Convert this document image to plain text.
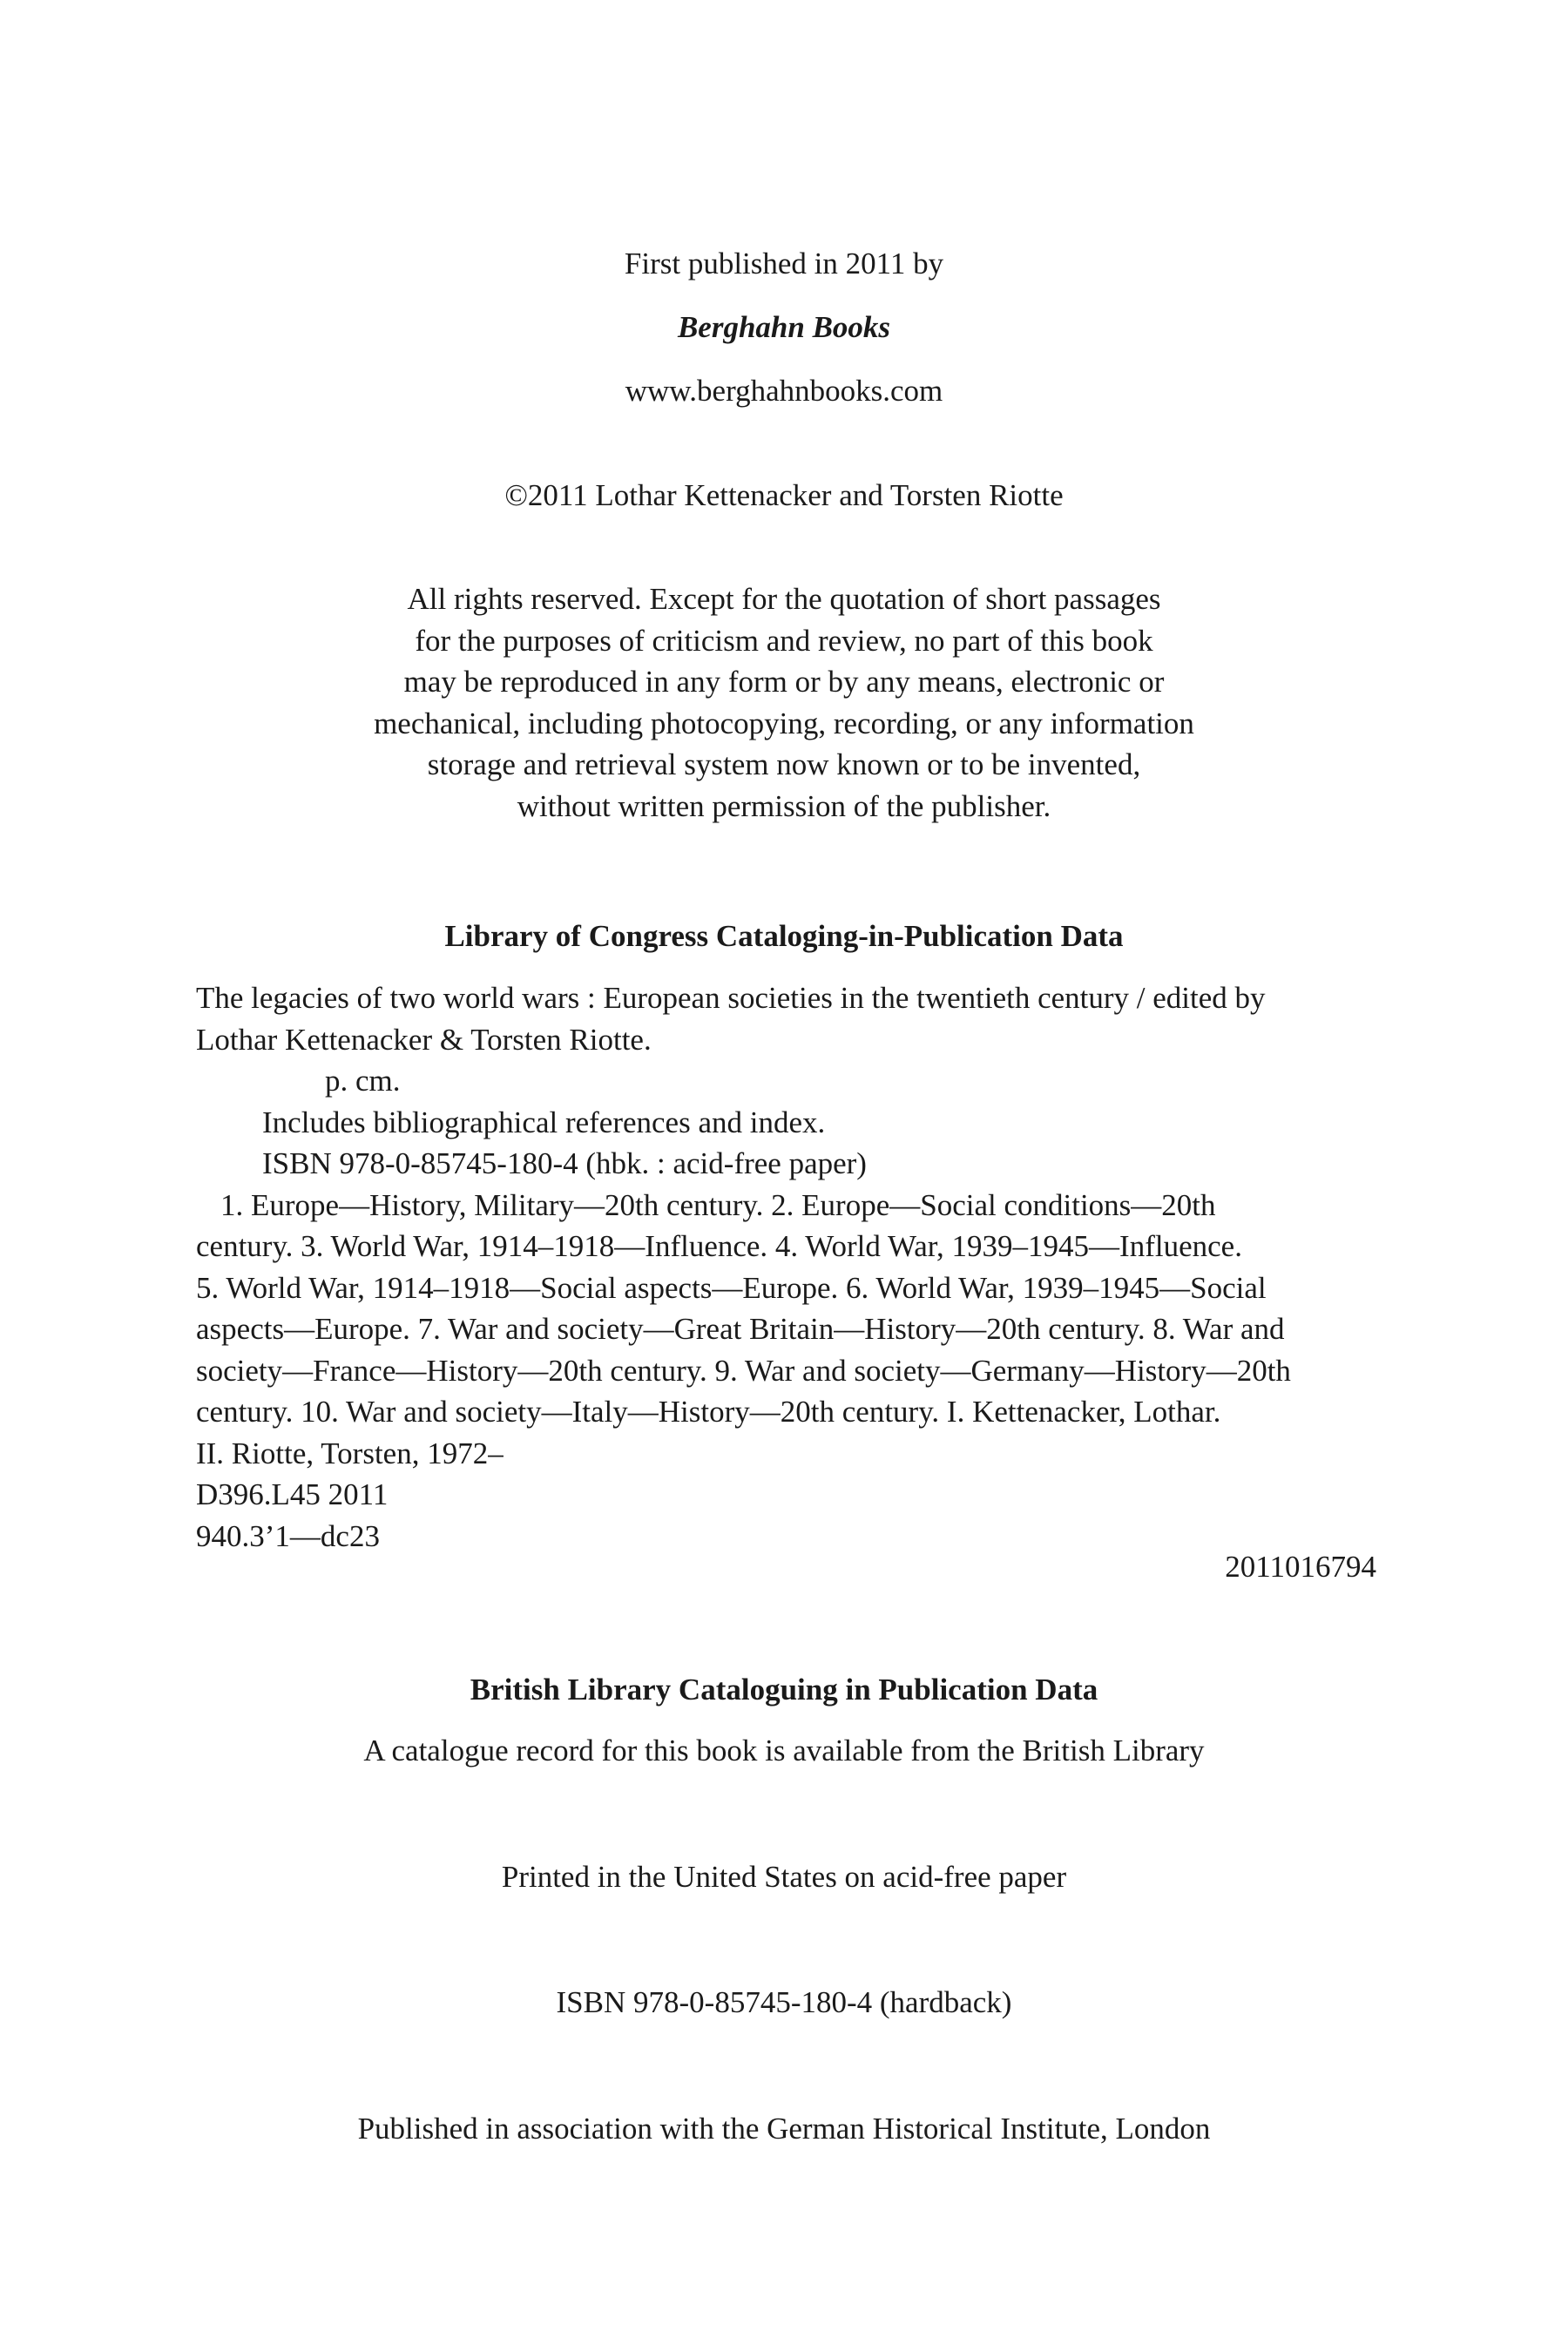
First published in 2011 by
Berghahn Books
www.berghahnbooks.com
©2011 Lothar Kettenacker and Torsten Riotte
All rights reserved. Except for the quotation of short passages
for the purposes of criticism and review, no part of this book
may be reproduced in any form or by any means, electronic or
mechanical, including photocopying, recording, or any information
storage and retrieval system now known or to be invented,
without written permission of the publisher.
Library of Congress Cataloging-in-Publication Data
The legacies of two world wars : European societies in the twentieth century / edited by
Lothar Kettenacker & Torsten Riotte.
p. cm.
Includes bibliographical references and index.
ISBN 978-0-85745-180-4 (hbk. : acid-free paper)
1. Europe—History, Military—20th century. 2. Europe—Social conditions—20th
century. 3. World War, 1914–1918—Influence. 4. World War, 1939–1945—Influence.
5. World War, 1914–1918—Social aspects—Europe. 6. World War, 1939–1945—Social
aspects—Europe. 7. War and society—Great Britain—History—20th century. 8. War and
society—France—History—20th century. 9. War and society—Germany—History—20th
century. 10. War and society—Italy—History—20th century. I. Kettenacker, Lothar.
II. Riotte, Torsten, 1972–
D396.L45 2011
940.3’1—dc23
2011016794
British Library Cataloguing in Publication Data
A catalogue record for this book is available from the British Library
Printed in the United States on acid-free paper
ISBN 978-0-85745-180-4 (hardback)
Published in association with the German Historical Institute, London
